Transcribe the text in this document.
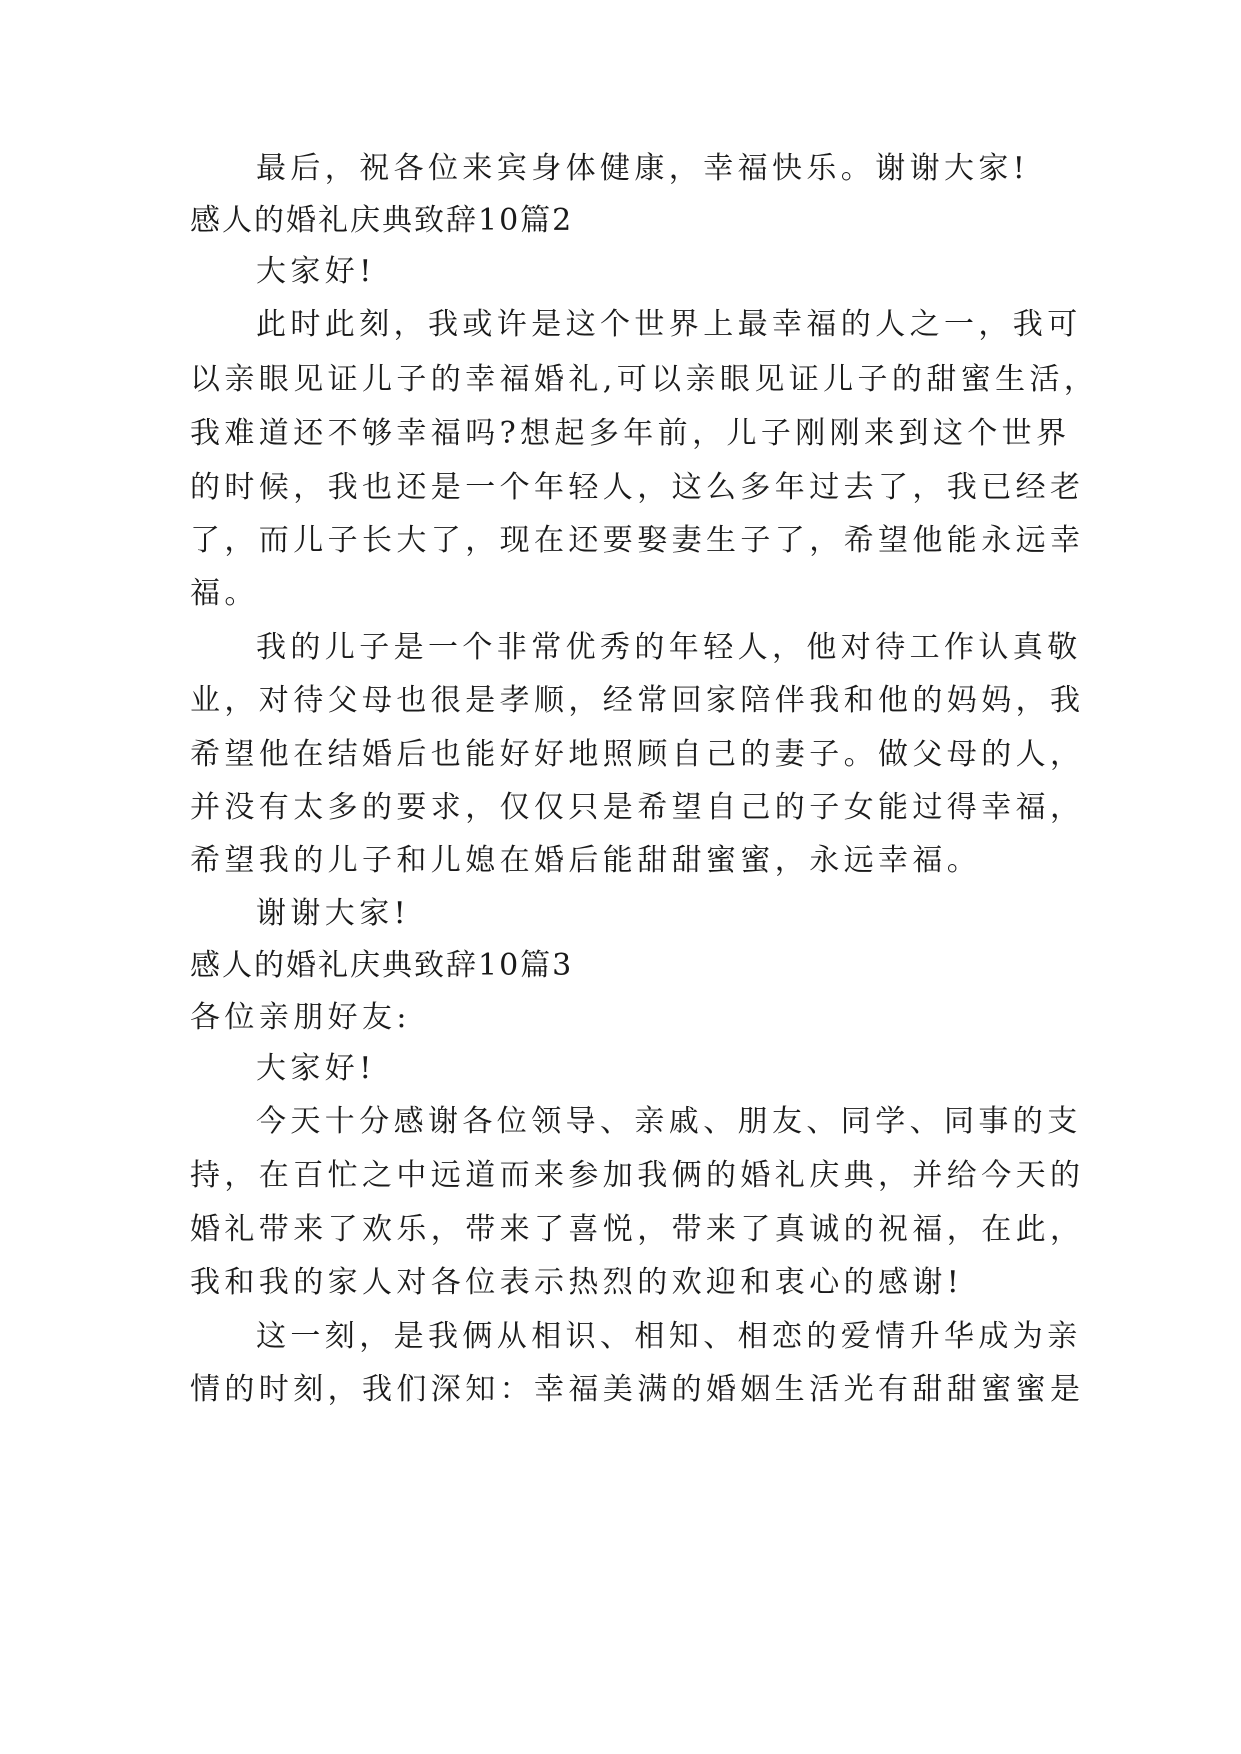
最后，祝各位来宾身体健康，幸福快乐。谢谢大家!
感人的婚礼庆典致辞10篇2
大家好!
此时此刻，我或许是这个世界上最幸福的人之一，我可
以亲眼见证儿子的幸福婚礼,可以亲眼见证儿子的甜蜜生活，
我难道还不够幸福吗?想起多年前，儿子刚刚来到这个世界
的时候，我也还是一个年轻人，这么多年过去了，我已经老
了，而儿子长大了，现在还要娶妻生子了，希望他能永远幸
福。
我的儿子是一个非常优秀的年轻人，他对待工作认真敬
业，对待父母也很是孝顺，经常回家陪伴我和他的妈妈，我
希望他在结婚后也能好好地照顾自己的妻子。做父母的人，
并没有太多的要求，仅仅只是希望自己的子女能过得幸福，
希望我的儿子和儿媳在婚后能甜甜蜜蜜，永远幸福。
谢谢大家!
感人的婚礼庆典致辞10篇3
各位亲朋好友:
大家好!
今天十分感谢各位领导、亲戚、朋友、同学、同事的支
持，在百忙之中远道而来参加我俩的婚礼庆典，并给今天的
婚礼带来了欢乐，带来了喜悦，带来了真诚的祝福，在此，
我和我的家人对各位表示热烈的欢迎和衷心的感谢!
这一刻，是我俩从相识、相知、相恋的爱情升华成为亲
情的时刻，我们深知：幸福美满的婚姻生活光有甜甜蜜蜜是
